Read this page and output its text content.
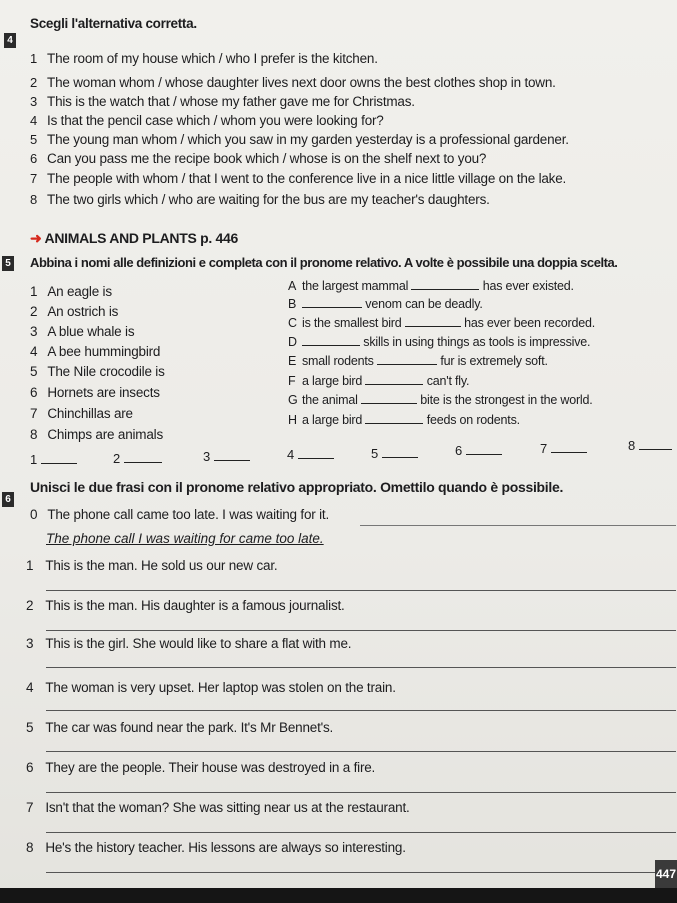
4
Scegli l'alternativa corretta.
1 The room of my house which / who I prefer is the kitchen.
2 The woman whom / whose daughter lives next door owns the best clothes shop in town.
3 This is the watch that / whose my father gave me for Christmas.
4 Is that the pencil case which / whom you were looking for?
5 The young man whom / which you saw in my garden yesterday is a professional gardener.
6 Can you pass me the recipe book which / whose is on the shelf next to you?
7 The people with whom / that I went to the conference live in a nice little village on the lake.
8 The two girls which / who are waiting for the bus are my teacher's daughters.
➜ ANIMALS AND PLANTS p. 446
5 Abbina i nomi alle definizioni e completa con il pronome relativo. A volte è possibile una doppia scelta.
1 An eagle is
2 An ostrich is
3 A blue whale is
4 A bee hummingbird
5 The Nile crocodile is
6 Hornets are insects
7 Chinchillas are
8 Chimps are animals
A the largest mammal	has ever existed.
B	venom can be deadly.
C is the smallest bird	has ever been recorded.
D	skills in using things as tools is impressive.
E small rodents	fur is extremely soft.
F a large bird	can't fly.
G the animal	bite is the strongest in the world.
H a large bird	feeds on rodents.
1	2	3	4	5	6	7	8
6
Unisci le due frasi con il pronome relativo appropriato. Omettilo quando è possibile.
0 The phone call came too late. I was waiting for it.
The phone call I was waiting for came too late.
1 This is the man. He sold us our new car.
2 This is the man. His daughter is a famous journalist.
3 This is the girl. She would like to share a flat with me.
4 The woman is very upset. Her laptop was stolen on the train.
5 The car was found near the park. It's Mr Bennet's.
6 They are the people. Their house was destroyed in a fire.
7 Isn't that the woman? She was sitting near us at the restaurant.
8 He's the history teacher. His lessons are always so interesting.
447
